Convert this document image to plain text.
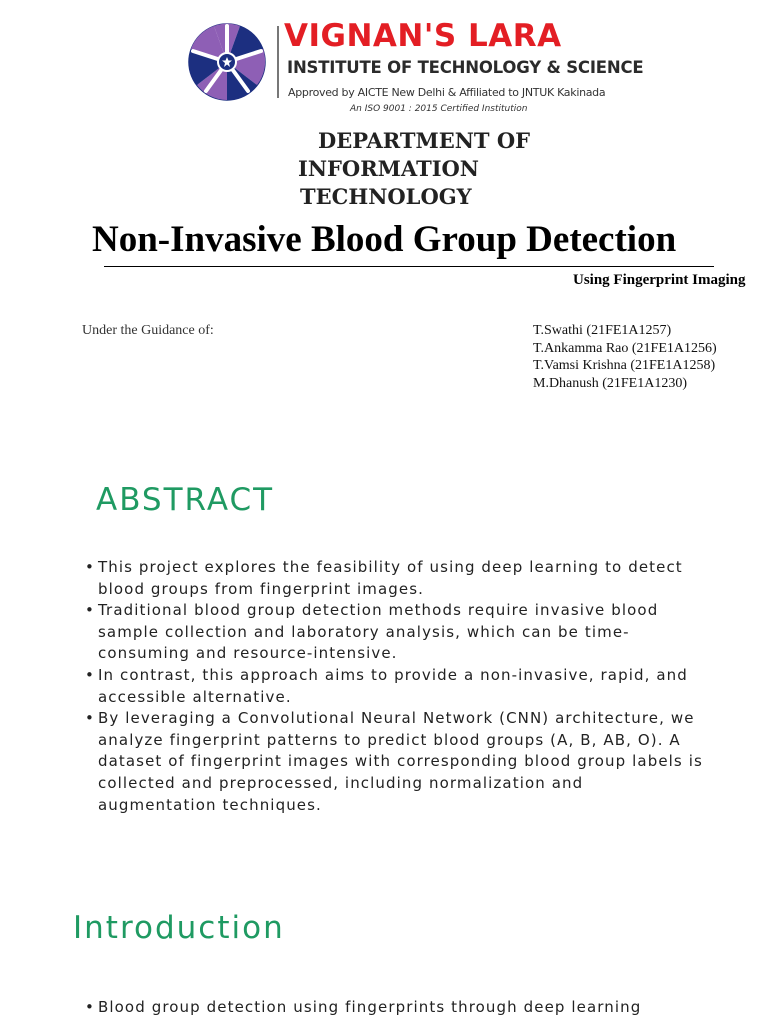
VIGNAN'S LARA
INSTITUTE OF TECHNOLOGY & SCIENCE
Approved by AICTE New Delhi & Affiliated to JNTUK Kakinada
An ISO 9001 : 2015 Certified Institution
DEPARTMENT OF
INFORMATION
TECHNOLOGY
Non-Invasive Blood Group Detection
Using Fingerprint Imaging
Under the Guidance of:	T.Swathi (21FE1A1257)
T.Ankamma Rao (21FE1A1256)
T.Vamsi Krishna (21FE1A1258)
M.Dhanush (21FE1A1230)
ABSTRACT
• This project explores the feasibility of using deep learning to detect blood groups from fingerprint images.
• Traditional blood group detection methods require invasive blood sample collection and laboratory analysis, which can be time-consuming and resource-intensive.
• In contrast, this approach aims to provide a non-invasive, rapid, and accessible alternative.
• By leveraging a Convolutional Neural Network (CNN) architecture, we analyze fingerprint patterns to predict blood groups (A, B, AB, O). A dataset of fingerprint images with corresponding blood group labels is collected and preprocessed, including normalization and augmentation techniques.
Introduction
• Blood group detection using fingerprints through deep learning
